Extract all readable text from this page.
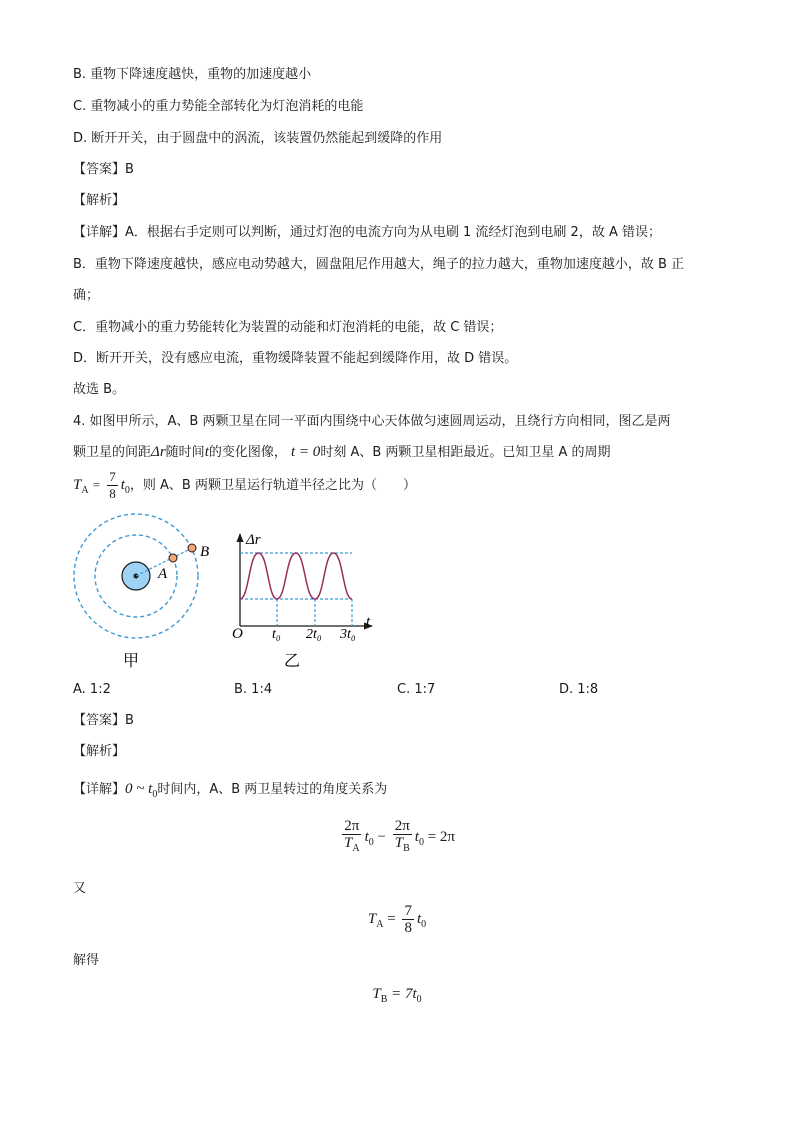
B. 重物下降速度越快，重物的加速度越小
C. 重物减小的重力势能全部转化为灯泡消耗的电能
D. 断开开关，由于圆盘中的涡流，该装置仍然能起到缓降的作用
【答案】B
【解析】
【详解】A．根据右手定则可以判断，通过灯泡的电流方向为从电刷 1 流经灯泡到电刷 2，故 A 错误；
B．重物下降速度越快，感应电动势越大，圆盘阻尼作用越大，绳子的拉力越大，重物加速度越小，故 B 正
确；
C．重物减小的重力势能转化为装置的动能和灯泡消耗的电能，故 C 错误；
D．断开开关，没有感应电流，重物缓降装置不能起到缓降作用，故 D 错误。
故选 B。
4. 如图甲所示，A、B 两颗卫星在同一平面内围绕中心天体做匀速圆周运动，且绕行方向相同，图乙是两
颗卫星的间距Δr随时间t的变化图像， t = 0时刻 A、B 两颗卫星相距最近。已知卫星 A 的周期
$T_A = \frac{7}{8} t_0$，则 A、B 两颗卫星运行轨道半径之比为（　　）
A
B
甲
Δr
t
O t₀ 2t₀ 3t₀
乙
A. 1:2	B. 1:4	C. 1:7	D. 1:8
【答案】B
【解析】
【详解】0 ~ $t_0$时间内，A、B 两卫星转过的角度关系为
$\frac{2\pi}{T_A} t_0 - \frac{2\pi}{T_B} t_0 = 2\pi$
又
$T_A = \frac{7}{8} t_0$
解得
$T_B = 7t_0$
